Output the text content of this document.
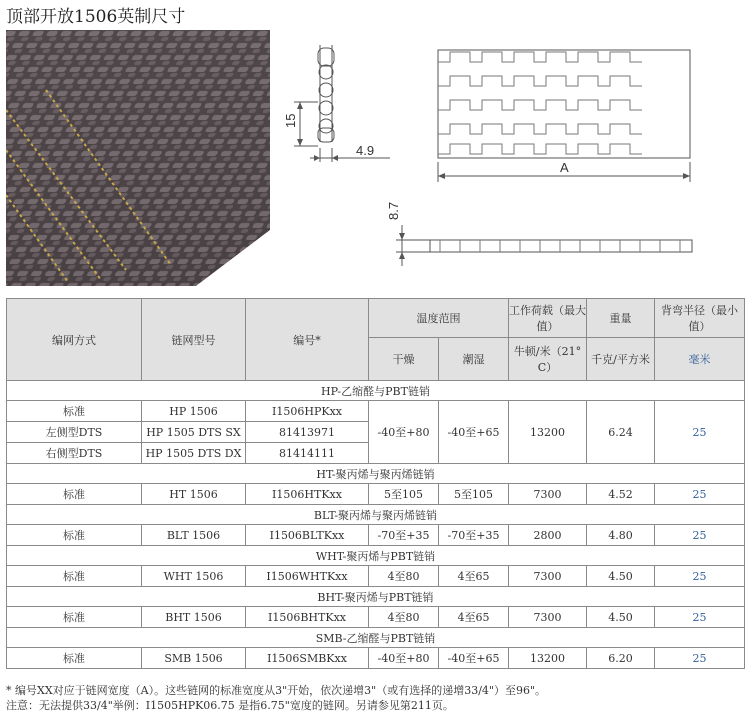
顶部开放1506英制尺寸
15
4.9
A
8.7
编网方式	链网型号	编号*	温度范围		工作荷载（最大值）	重量	背弯半径（最小值）
			干燥	潮湿	牛顿/米（21° C）	千克/平方米	毫米
HP-乙缩醛与PBT链销							
标准	HP 1506	I1506HPKxx	-40至+80	-40至+65	13200	6.24	25
左侧型DTS	HP 1505 DTS SX	81413971					
右侧型DTS	HP 1505 DTS DX	81414111					
HT-聚丙烯与聚丙烯链销							
标准	HT 1506	I1506HTKxx	5至105	5至105	7300	4.52	25
BLT-聚丙烯与聚丙烯链销							
标准	BLT 1506	I1506BLTKxx	-70至+35	-70至+35	2800	4.80	25
WHT-聚丙烯与PBT链销							
标准	WHT 1506	I1506WHTKxx	4至80	4至65	7300	4.50	25
BHT-聚丙烯与PBT链销							
标准	BHT 1506	I1506BHTKxx	4至80	4至65	7300	4.50	25
SMB-乙缩醛与PBT链销							
标准	SMB 1506	I1506SMBKxx	-40至+80	-40至+65	13200	6.20	25
* 编号XX对应于链网宽度（A）。这些链网的标准宽度从3"开始，依次递增3"（或有选择的递增33/4"）至96"。
注意：无法提供33/4"举例：I1505HPK06.75 是指6.75"宽度的链网。另请参见第211页。
